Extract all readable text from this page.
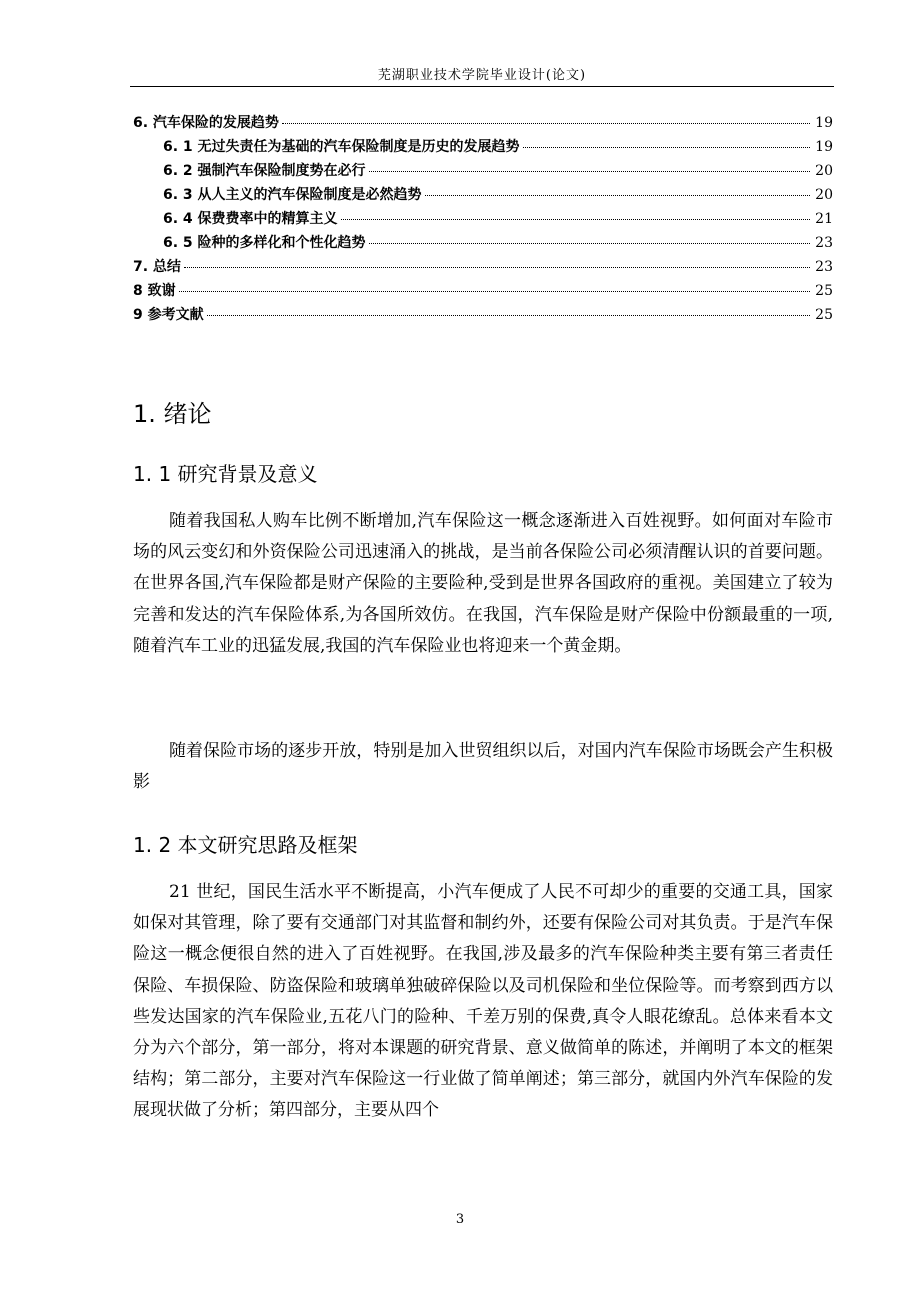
芜湖职业技术学院毕业设计(论文)
6. 汽车保险的发展趋势	19
6. 1 无过失责任为基础的汽车保险制度是历史的发展趋势	19
6. 2 强制汽车保险制度势在必行	20
6. 3 从人主义的汽车保险制度是必然趋势	20
6. 4 保费费率中的精算主义	21
6. 5 险种的多样化和个性化趋势	23
7. 总结	23
8 致谢	25
9 参考文献	25
1. 绪论
1. 1 研究背景及意义
随着我国私人购车比例不断增加,汽车保险这一概念逐渐进入百姓视野。如何面对车险市场的风云变幻和外资保险公司迅速涌入的挑战，是当前各保险公司必须清醒认识的首要问题。在世界各国,汽车保险都是财产保险的主要险种,受到是世界各国政府的重视。美国建立了较为完善和发达的汽车保险体系,为各国所效仿。在我国，汽车保险是财产保险中份额最重的一项,随着汽车工业的迅猛发展,我国的汽车保险业也将迎来一个黄金期。
随着保险市场的逐步开放，特别是加入世贸组织以后，对国内汽车保险市场既会产生积极影
1. 2 本文研究思路及框架
21 世纪，国民生活水平不断提高，小汽车便成了人民不可却少的重要的交通工具，国家如保对其管理，除了要有交通部门对其监督和制约外，还要有保险公司对其负责。于是汽车保险这一概念便很自然的进入了百姓视野。在我国,涉及最多的汽车保险种类主要有第三者责任保险、车损保险、防盗保险和玻璃单独破碎保险以及司机保险和坐位保险等。而考察到西方以些发达国家的汽车保险业,五花八门的险种、千差万别的保费,真令人眼花缭乱。总体来看本文分为六个部分，第一部分，将对本课题的研究背景、意义做简单的陈述，并阐明了本文的框架结构；第二部分，主要对汽车保险这一行业做了简单阐述；第三部分，就国内外汽车保险的发展现状做了分析；第四部分，主要从四个
3
